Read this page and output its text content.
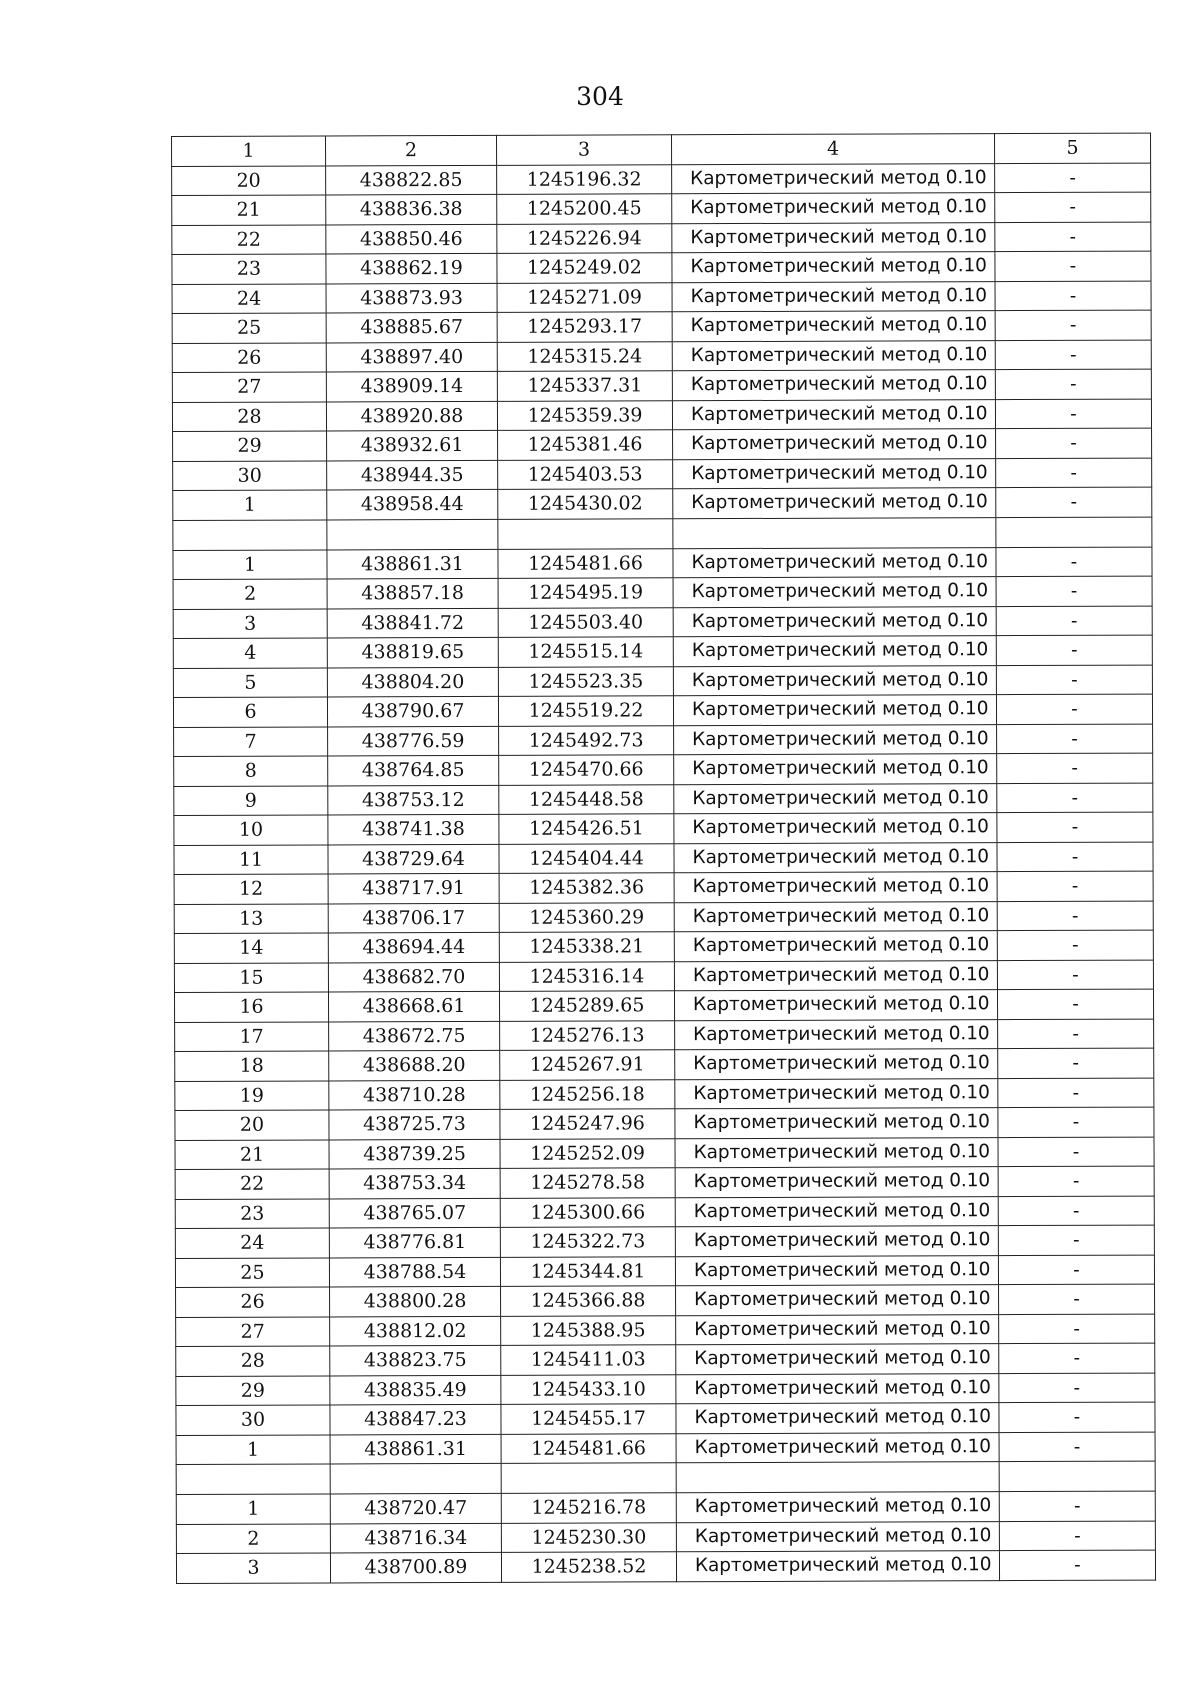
304
1	2	3	4	5
20	438822.85	1245196.32	Картометрический метод 0.10	-
21	438836.38	1245200.45	Картометрический метод 0.10	-
22	438850.46	1245226.94	Картометрический метод 0.10	-
23	438862.19	1245249.02	Картометрический метод 0.10	-
24	438873.93	1245271.09	Картометрический метод 0.10	-
25	438885.67	1245293.17	Картометрический метод 0.10	-
26	438897.40	1245315.24	Картометрический метод 0.10	-
27	438909.14	1245337.31	Картометрический метод 0.10	-
28	438920.88	1245359.39	Картометрический метод 0.10	-
29	438932.61	1245381.46	Картометрический метод 0.10	-
30	438944.35	1245403.53	Картометрический метод 0.10	-
1	438958.44	1245430.02	Картометрический метод 0.10	-

1	438861.31	1245481.66	Картометрический метод 0.10	-
2	438857.18	1245495.19	Картометрический метод 0.10	-
3	438841.72	1245503.40	Картометрический метод 0.10	-
4	438819.65	1245515.14	Картометрический метод 0.10	-
5	438804.20	1245523.35	Картометрический метод 0.10	-
6	438790.67	1245519.22	Картометрический метод 0.10	-
7	438776.59	1245492.73	Картометрический метод 0.10	-
8	438764.85	1245470.66	Картометрический метод 0.10	-
9	438753.12	1245448.58	Картометрический метод 0.10	-
10	438741.38	1245426.51	Картометрический метод 0.10	-
11	438729.64	1245404.44	Картометрический метод 0.10	-
12	438717.91	1245382.36	Картометрический метод 0.10	-
13	438706.17	1245360.29	Картометрический метод 0.10	-
14	438694.44	1245338.21	Картометрический метод 0.10	-
15	438682.70	1245316.14	Картометрический метод 0.10	-
16	438668.61	1245289.65	Картометрический метод 0.10	-
17	438672.75	1245276.13	Картометрический метод 0.10	-
18	438688.20	1245267.91	Картометрический метод 0.10	-
19	438710.28	1245256.18	Картометрический метод 0.10	-
20	438725.73	1245247.96	Картометрический метод 0.10	-
21	438739.25	1245252.09	Картометрический метод 0.10	-
22	438753.34	1245278.58	Картометрический метод 0.10	-
23	438765.07	1245300.66	Картометрический метод 0.10	-
24	438776.81	1245322.73	Картометрический метод 0.10	-
25	438788.54	1245344.81	Картометрический метод 0.10	-
26	438800.28	1245366.88	Картометрический метод 0.10	-
27	438812.02	1245388.95	Картометрический метод 0.10	-
28	438823.75	1245411.03	Картометрический метод 0.10	-
29	438835.49	1245433.10	Картометрический метод 0.10	-
30	438847.23	1245455.17	Картометрический метод 0.10	-
1	438861.31	1245481.66	Картометрический метод 0.10	-

1	438720.47	1245216.78	Картометрический метод 0.10	-
2	438716.34	1245230.30	Картометрический метод 0.10	-
3	438700.89	1245238.52	Картометрический метод 0.10	-
